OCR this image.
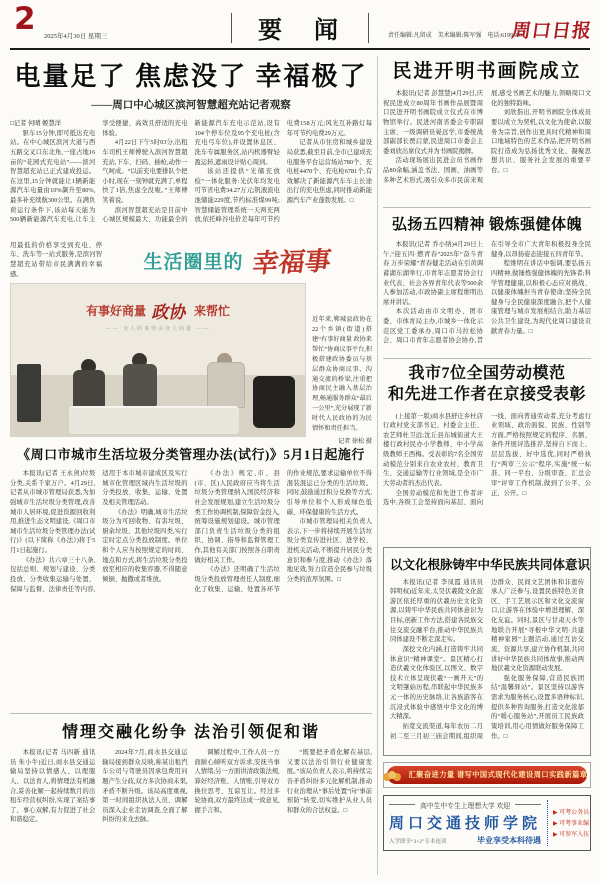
2 2025年4月30日 星期三	要　闻	责任编辑:凡留成　美术编辑:陈军强　电话:6199506
周口日报
电量足了 焦虑没了 幸福极了
——周口中心城区滨河智慧超充站记者观察

□记者 何晴 姬慧洋

驱车15分钟,即可抵达充电站。在中心城区滨河大道与西五路交叉口东北角,一座占地16亩的“花园式充电站”——滨河智慧超充站已正式建成投运。在这里,15分钟就能让1辆新能源汽车电量由10%飙升至80%,最多补充续航300公里。在满负荷运行条件下,该站每天能为500辆新能源汽车充电,让车主享受便捷、高效且舒适的充电体验。

4月22日下午5时03分,出租车司机王师傅驶入滨河智慧超充站,下车、扫码、插枪,动作一气呵成。“以前充电要排队个把小时,现在一刻钟就充满了,单程快了1倍,焦虑全没啦。”王师傅笑着说。

滨河智慧超充站是目前中心城区规模最大、功能最全的新能源汽车充电示范站,设有104个停车位及95个充电桩(含充电弓车位),并设置休息区、洗车专属服务区,站内机器臂轻盈运转,遮雨设计贴心周到。

该站还提供“光储充放检”一体化服务:光伏年均发电可节省电费34.27万元;钒液流电池储能229度,节约标准煤99吨;智慧储能管理系统一天两充两放,依托峰谷电价差每年可节约电费158万元;风光互补路灯每年可节约电费29万元。

记者从市住房和城乡建设局获悉,截至目前,全市已建成充电服务平台运营场站780个、充电桩4470个、充电枪6781个,有效解决了新能源汽车车主长途出行的充电焦虑,同时推动新能源汽车产业蓬勃发展。□

用最低的价格享受到充电、停车、洗车等一站式服务,是滨河智慧超充站带给市民满满的幸福感。
生活圈里的 幸福事
有事好商量 政协 来帮忙
—— 众人的事情由众人商量 ——
近年来,郸城县政协在22个乡镇(街道)搭建“有事好商量 政协来帮忙”协商议事平台,积极搭建政协委员与基层群众协商议事、沟通交流的桥梁,注重把协商民主融入基层治理,畅通服务群众“最后一公里”,充分展现了新时代人民政协的为民情怀和责任担当。
记者 徐松 摄
《周口市城市生活垃圾分类管理办法(试行)》5月1日起施行

本报讯(记者 王永剑)垃圾分类,关系千家万户。4月29日,记者从市城市管理局获悉,为加强城市生活垃圾分类管理,改善城市人居环境,促进资源回收利用,推进生态文明建设,《周口市城市生活垃圾分类管理办法(试行)》(以下简称《办法》)将于5月1日起施行。

《办法》共六章三十八条,包括总则、规划与建设、分类投放、分类收集运输与处置、保障与监督、法律责任等内容,适用于本市城市建成区及实行城市化管理区域内生活垃圾的分类投放、收集、运输、处置及相关管理活动。

《办法》明确,城市生活垃圾分为可回收物、有害垃圾、厨余垃圾、其他垃圾四类,实行定时定点分类投放制度。单位和个人应当按照规定的时间、地点和方式,将生活垃圾分类投放至相应的收集容器,不得随意倾倒、抛撒或者堆放。

《办法》规定,市、县(市、区)人民政府应当将生活垃圾分类管理纳入国民经济和社会发展规划,建立生活垃圾分类工作协调机制,保障资金投入,统筹设施规划建设。城市管理部门负责生活垃圾分类的组织、协调、指导和监督管理工作,其他有关部门按照各自职责做好相关工作。

《办法》还明确了生活垃圾分类投放管理责任人制度,细化了收集、运输、处置各环节的作业规范,要求运输单位不得混装混运已分类的生活垃圾。同时,鼓励通过积分兑换等方式,引导单位和个人形成绿色低碳、环保健康的生活方式。

市城市管理局相关负责人表示,下一步将持续开展生活垃圾分类宣传进社区、进学校、进机关活动,不断提升居民分类意识和参与度,推动《办法》落地见效,努力营造全民参与垃圾分类的浓厚氛围。□

情理交融化纷争 法治引领促和谐

本报讯(记者 马四新 通讯员 朱小牛)近日,商水县交通运输局坚持以情感人、以理服人、以法育人,将情理法有机融合,妥善化解一起持续数月的出租车经营权纠纷,实现了案结事了、事心双解,有力促进了社会和谐稳定。

2024年7月,商水县交通运输局接到群众反映,称某出租汽车公司与驾驶员因承包费用问题产生分歧,双方多次协商未果,矛盾不断升级。该局高度重视,第一时间组织执法人员、调解员深入企业走访调查,全面了解纠纷的来龙去脉。

调解过程中,工作人员一方面耐心倾听双方诉求,安抚当事人情绪;另一方面讲清政策法规,算好经济账、人情账,引导双方换位思考、互谅互让。经过多轮协商,双方最终达成一致意见,握手言和。

“既要把矛盾化解在基层,又要以法治引领行业健康发展。”该局负责人表示,将持续完善矛盾纠纷多元化解机制,推动行业治理从“事后处置”向“事前预防”转变,切实维护从业人员和群众的合法权益。□

民进开明书画院成立

本报讯(记者 彭慧慧)4月29日,庆祝民进成立80周年书画作品展暨周口民进开明书画院成立仪式在市博物馆举行。民进河南省委会专职副主席、一级调研员晏远学,市委统战部副部长贾启蒙,民进周口市委会主委刘欣出席仪式并为书画院揭牌。

活动现场展出民进会员书画作品80余幅,涵盖书法、国画、油画等多种艺术形式,吸引众多市民前来观展,感受书画艺术的魅力,领略周口文化的独特韵味。

刘欣指出,开明书画院全体成员要以成立为契机,以文化为使命,以服务为宗旨,创作出更具时代精神和周口地域特色的艺术作品,把开明书画院打造成为弘扬优秀文化、凝聚思想共识、服务社会发展的重要平台。□

弘扬五四精神 锻炼强健体魄

本报讯(记者 乔小纳)4月29日上午,“迎五四·燃青春”2025年“奋斗青春 万步荣耀”青春健走活动在引黄调蓄湖东湖举行,市青年志愿者协会行业代表、社会各界青年代表等500余人参加活动,市政协副主席程维明出席并讲话。

本次活动由市文明办、团市委、市体育局主办,市城乡一体化示范区党工委承办,周口市马拉松协会、周口市青年志愿者协会协办,旨在引导全市广大青年积极投身全民健身,以昂扬姿态迎接五四青年节。

程维明在讲话中强调,要弘扬五四精神,做锤炼强健体魄的先锋者;科学管理健康,以积极心态应对挑战、以健康体魄担当青春使命;坚持全民健身与全民健康深度融合,把个人健康管理与城市发展相结合,助力基层公共卫生建设,为现代化周口建设贡献青春力量。□

我市7位全国劳动模范
和先进工作者在京接受表彰

(上接第一版)商水县舒庄乡杜店行政村党支部书记、村委会主任、农艺师杜卫远;沈丘县东城街道大王楼行政村民办小学教师、中小学高级教师王西梅。受表彰的7名全国劳动模范分别来自农业农村、教育卫生、交通运输等行业领域,是全市广大劳动者的杰出代表。

全国劳动模范和先进工作者评选中,各级工会坚持面向基层、面向一线、面向普通劳动者,充分考虑行业领域、政治面貌、民族、性别等方面,严格按照规定的程序、名额、条件开展评选推荐,坚持自下而上、层层选拔、好中选优,同时严格执行“两审三公示”程序,实施“统一标准、同一平台、分级审查、汇总会审”评审工作机制,做到了公平、公正、公开。□

以文化根脉铸牢中华民族共同体意识

本报讯(记者 李凤霞 通讯员 韩明权)近年来,太昊伏羲陵文化旅游区依托厚重的伏羲历史文化资源,以铸牢中华民族共同体意识为目标,创新工作方法,搭建各民族交往交流交融平台,推动中华民族共同体建设不断走深走实。

深挖文化内涵,打造铸牢共同体意识“精神课堂”。景区精心打造伏羲文化体验区,以图文、数字技术立体呈现伏羲“一画开天”的文明肇始历程,串联起中华民族多元一体的历史脉络,让各族游客在沉浸式体验中感悟中华文化的博大精深。

拓宽交流渠道,每年农历二月初二至三月初三庙会期间,组织周边群众、民间文艺团体和非遗传承人广泛参与,设置民族特色美食区、手工艺展示区和文化交流窗口,让游客在体验中增进理解、深化友谊。同时,景区与甘肃天水等地联合开展“寻根中华文明·共建精神家园”主题活动,通过互访交流、资源共享,建立协作机制,共同讲好中华民族共同体故事,推动两地伏羲文化资源联动发展。

强化服务保障,营造民族团结“温馨驿站”。景区坚持以游客需求为服务核心,设置多语种标识,提供多种咨询服务,打造文化浓郁的“暖心服务站”,开展员工民族政策培训,用心用情做好服务保障工作。□

汇聚奋进力量 谱写中国式现代化建设周口实践新篇章
高中生中专生上理想大学 欢迎
周口交通技师学院
入学即享“3+2”专本连读	毕业享受本科待遇

▶ 可考公务员

▶ 可考事业编

▶ 可参军入伍
